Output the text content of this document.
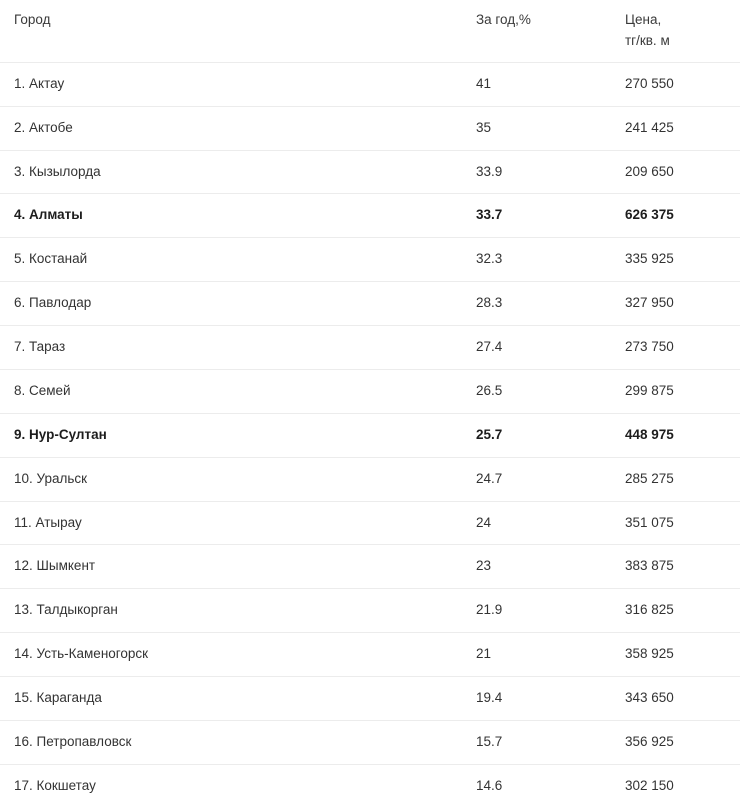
Город	За год,%	Цена,
тг/кв. м
1. Актау	41	270 550
2. Актобе	35	241 425
3. Кызылорда	33.9	209 650
4. Алматы	33.7	626 375
5. Костанай	32.3	335 925
6. Павлодар	28.3	327 950
7. Тараз	27.4	273 750
8. Семей	26.5	299 875
9. Нур-Султан	25.7	448 975
10. Уральск	24.7	285 275
11. Атырау	24	351 075
12. Шымкент	23	383 875
13. Талдыкорган	21.9	316 825
14. Усть-Каменогорск	21	358 925
15. Караганда	19.4	343 650
16. Петропавловск	15.7	356 925
17. Кокшетау	14.6	302 150
